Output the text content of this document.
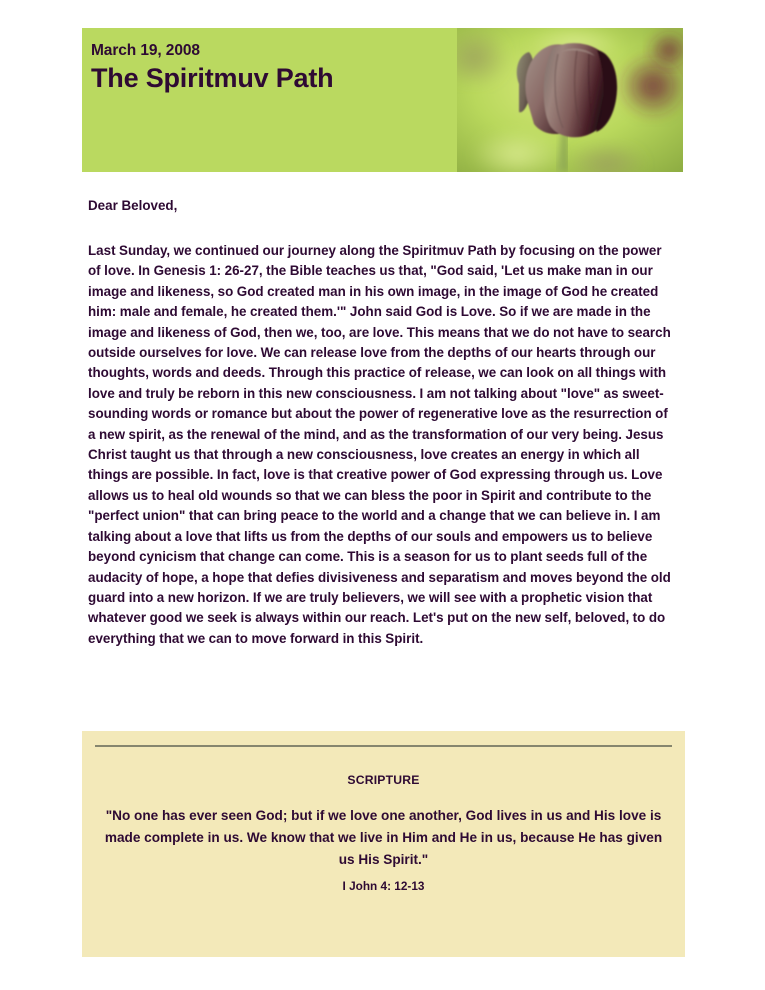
March 19, 2008
The Spiritmuv Path

Dear Beloved,

Last Sunday, we continued our journey along the Spiritmuv Path by focusing on the power of love. In Genesis 1: 26-27, the Bible teaches us that, "God said, 'Let us make man in our image and likeness, so God created man in his own image, in the image of God he created him: male and female, he created them.'" John said God is Love. So if we are made in the image and likeness of God, then we, too, are love. This means that we do not have to search outside ourselves for love. We can release love from the depths of our hearts through our thoughts, words and deeds. Through this practice of release, we can look on all things with love and truly be reborn in this new consciousness. I am not talking about "love" as sweet-sounding words or romance but about the power of regenerative love as the resurrection of a new spirit, as the renewal of the mind, and as the transformation of our very being. Jesus Christ taught us that through a new consciousness, love creates an energy in which all things are possible. In fact, love is that creative power of God expressing through us. Love allows us to heal old wounds so that we can bless the poor in Spirit and contribute to the "perfect union" that can bring peace to the world and a change that we can believe in. I am talking about a love that lifts us from the depths of our souls and empowers us to believe beyond cynicism that change can come. This is a season for us to plant seeds full of the audacity of hope, a hope that defies divisiveness and separatism and moves beyond the old guard into a new horizon. If we are truly believers, we will see with a prophetic vision that whatever good we seek is always within our reach. Let's put on the new self, beloved, to do everything that we can to move forward in this Spirit.

SCRIPTURE

"No one has ever seen God; but if we love one another, God lives in us and His love is made complete in us. We know that we live in Him and He in us, because He has given us His Spirit."

I John 4: 12-13
